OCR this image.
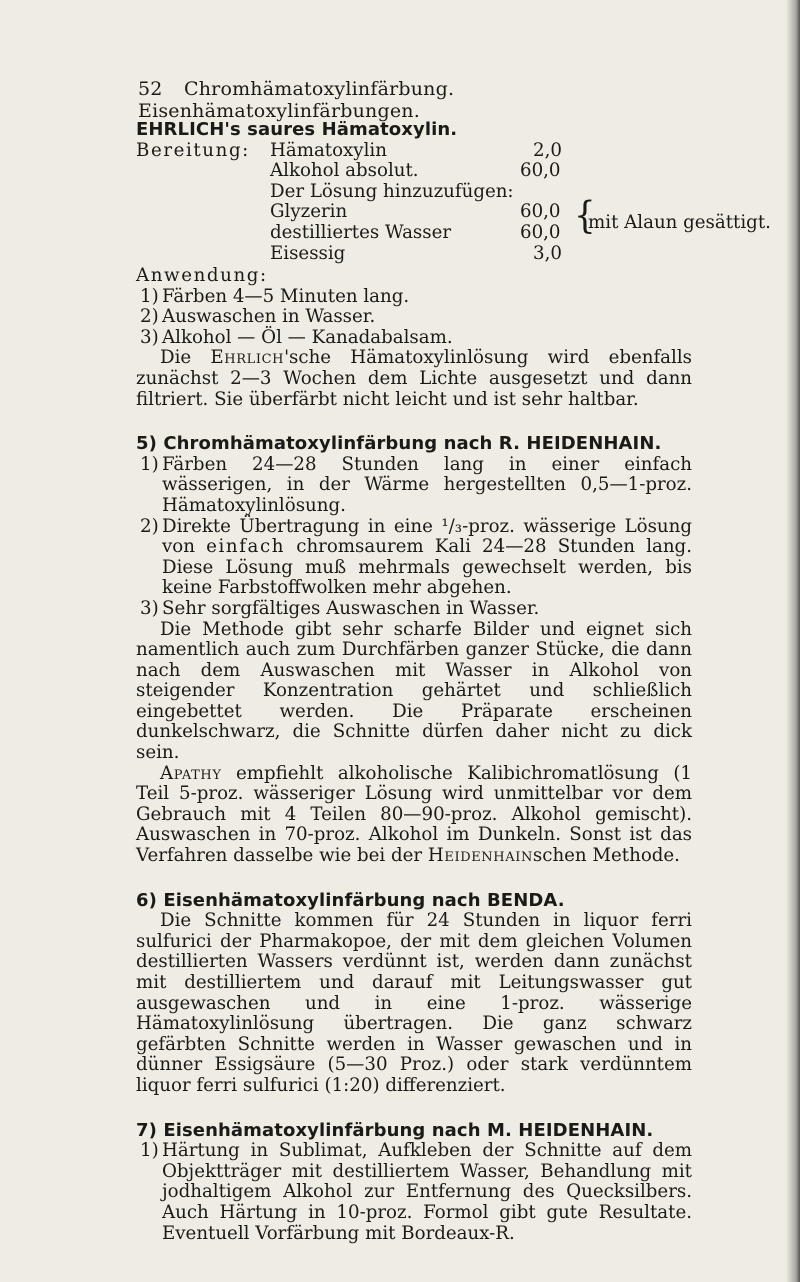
52 Chromhämatoxylinfärbung. Eisenhämatoxylinfärbungen.

EHRLICH's saures Hämatoxylin.

Bereitung: Hämatoxylin	2,0
Alkohol absolut.	60,0
Der Lösung hinzuzufügen:
Glyzerin	60,0
destilliertes Wasser	60,0 {
mit Alaun gesättigt.
Eisessig	3,0
Anwendung:
1) Färben 4—5 Minuten lang.
2) Auswaschen in Wasser.
3) Alkohol — Öl — Kanadabalsam.

Die Ehrlich'sche Hämatoxylinlösung wird ebenfalls zunächst 2—3 Wochen dem Lichte ausgesetzt und dann filtriert. Sie überfärbt nicht leicht und ist sehr haltbar.

5) Chromhämatoxylinfärbung nach R. HEIDENHAIN.

1) Färben 24—28 Stunden lang in einer einfach wässerigen, in der Wärme hergestellten 0,5—1-proz. Hämatoxylinlösung.
2) Direkte Übertragung in eine ¹/₃-proz. wässerige Lösung von einfach chromsaurem Kali 24—28 Stunden lang. Diese Lösung muß mehrmals gewechselt werden, bis keine Farbstoffwolken mehr abgehen.
3) Sehr sorgfältiges Auswaschen in Wasser.

Die Methode gibt sehr scharfe Bilder und eignet sich namentlich auch zum Durchfärben ganzer Stücke, die dann nach dem Auswaschen mit Wasser in Alkohol von steigender Konzentration gehärtet und schließlich eingebettet werden. Die Präparate erscheinen dunkelschwarz, die Schnitte dürfen daher nicht zu dick sein.

Apathy empfiehlt alkoholische Kalibichromatlösung (1 Teil 5-proz. wässeriger Lösung wird unmittelbar vor dem Gebrauch mit 4 Teilen 80—90-proz. Alkohol gemischt). Auswaschen in 70-proz. Alkohol im Dunkeln. Sonst ist das Verfahren dasselbe wie bei der Heidenhainschen Methode.

6) Eisenhämatoxylinfärbung nach BENDA.

Die Schnitte kommen für 24 Stunden in liquor ferri sulfurici der Pharmakopoe, der mit dem gleichen Volumen destillierten Wassers verdünnt ist, werden dann zunächst mit destilliertem und darauf mit Leitungswasser gut ausgewaschen und in eine 1-proz. wässerige Hämatoxylinlösung übertragen. Die ganz schwarz gefärbten Schnitte werden in Wasser gewaschen und in dünner Essigsäure (5—30 Proz.) oder stark verdünntem liquor ferri sulfurici (1:20) differenziert.

7) Eisenhämatoxylinfärbung nach M. HEIDENHAIN.

1) Härtung in Sublimat, Aufkleben der Schnitte auf dem Objektträger mit destilliertem Wasser, Behandlung mit jodhaltigem Alkohol zur Entfernung des Quecksilbers. Auch Härtung in 10-proz. Formol gibt gute Resultate. Eventuell Vorfärbung mit Bordeaux-R.
